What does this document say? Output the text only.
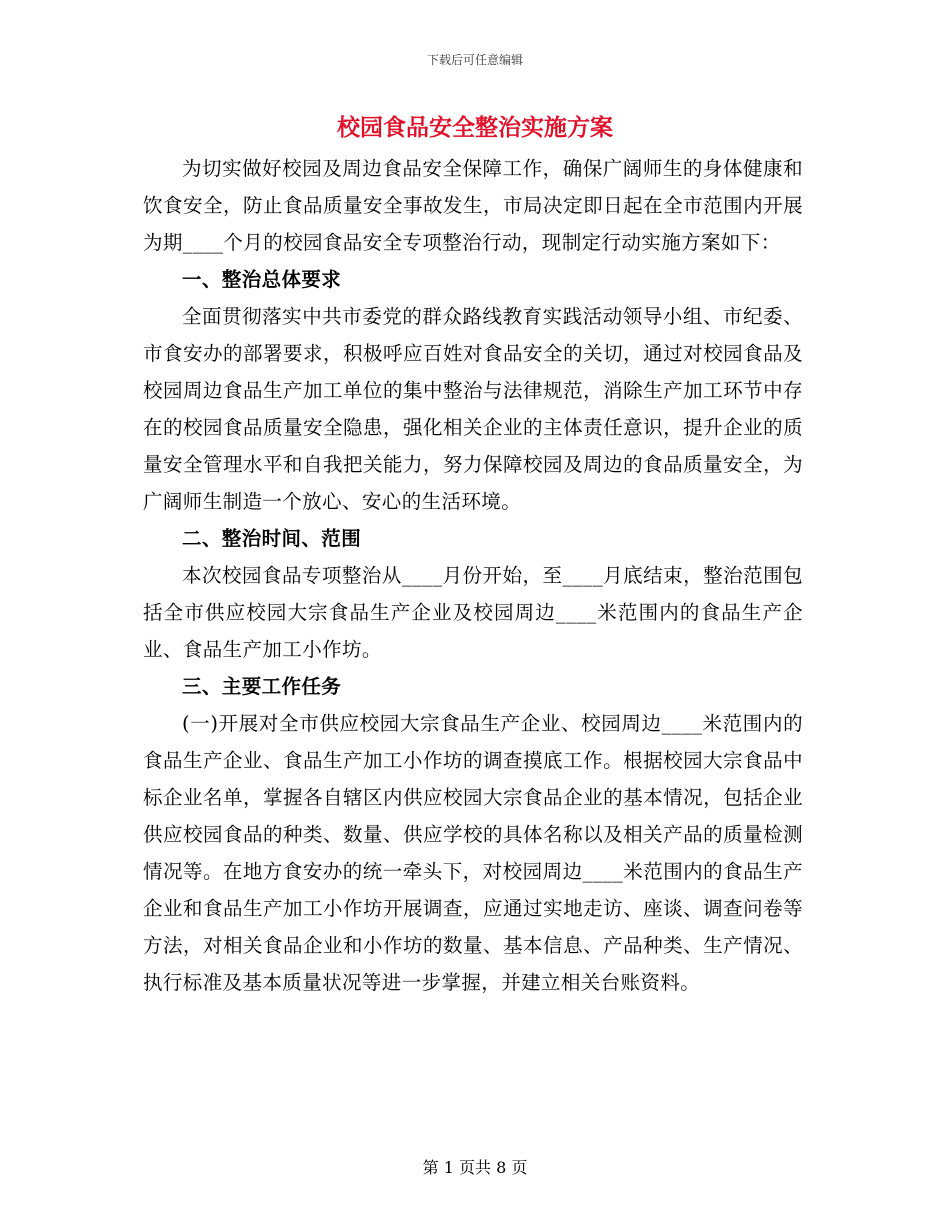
下载后可任意编辑
校园食品安全整治实施方案

为切实做好校园及周边食品安全保障工作，确保广阔师生的身体健康和饮食安全，防止食品质量安全事故发生，市局决定即日起在全市范围内开展为期____个月的校园食品安全专项整治行动，现制定行动实施方案如下：

一、整治总体要求

全面贯彻落实中共市委党的群众路线教育实践活动领导小组、市纪委、市食安办的部署要求，积极呼应百姓对食品安全的关切，通过对校园食品及校园周边食品生产加工单位的集中整治与法律规范，消除生产加工环节中存在的校园食品质量安全隐患，强化相关企业的主体责任意识，提升企业的质量安全管理水平和自我把关能力，努力保障校园及周边的食品质量安全，为广阔师生制造一个放心、安心的生活环境。

二、整治时间、范围

本次校园食品专项整治从____月份开始，至____月底结束，整治范围包括全市供应校园大宗食品生产企业及校园周边____米范围内的食品生产企业、食品生产加工小作坊。

三、主要工作任务

(一)开展对全市供应校园大宗食品生产企业、校园周边____米范围内的食品生产企业、食品生产加工小作坊的调查摸底工作。根据校园大宗食品中标企业名单，掌握各自辖区内供应校园大宗食品企业的基本情况，包括企业供应校园食品的种类、数量、供应学校的具体名称以及相关产品的质量检测情况等。在地方食安办的统一牵头下，对校园周边____米范围内的食品生产企业和食品生产加工小作坊开展调查，应通过实地走访、座谈、调查问卷等方法，对相关食品企业和小作坊的数量、基本信息、产品种类、生产情况、执行标准及基本质量状况等进一步掌握，并建立相关台账资料。

第 1 页共 8 页
